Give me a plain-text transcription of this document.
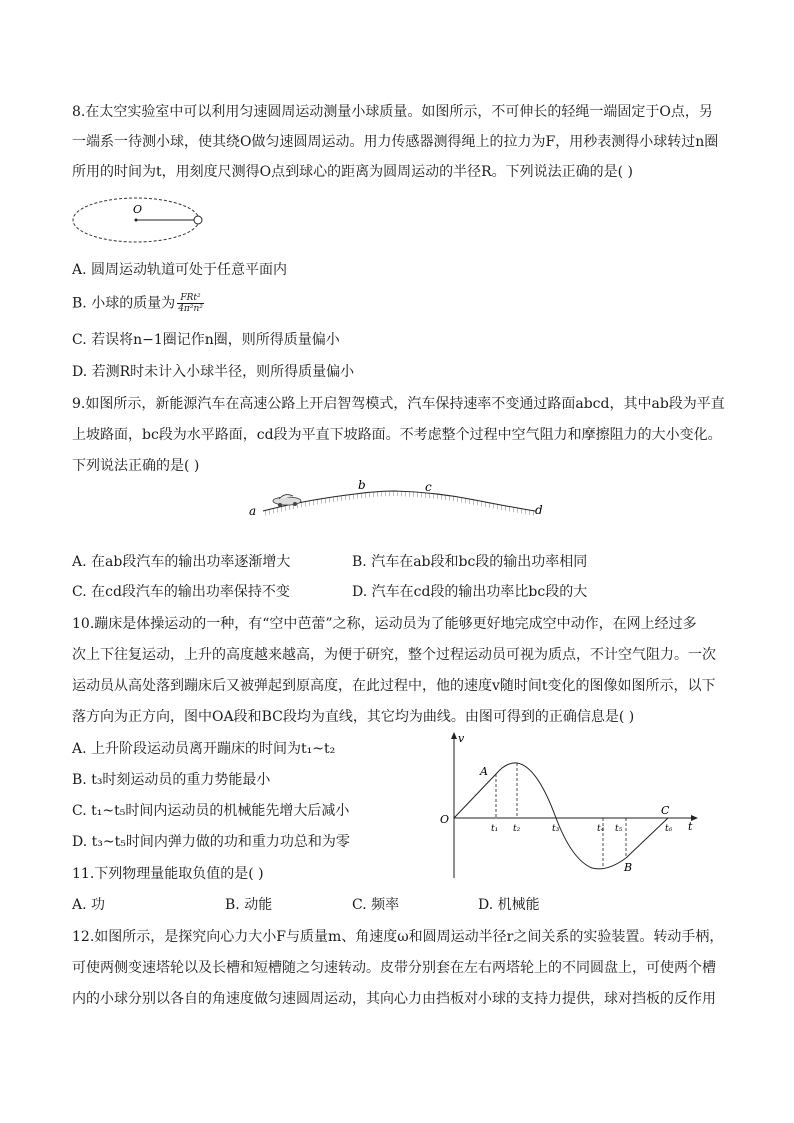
8.在太空实验室中可以利用匀速圆周运动测量小球质量。如图所示，不可伸长的轻绳一端固定于O点，另
一端系一待测小球，使其绕O做匀速圆周运动。用力传感器测得绳上的拉力为F，用秒表测得小球转过n圈
所用的时间为t，用刻度尺测得O点到球心的距离为圆周运动的半径R。下列说法正确的是( )
O
A. 圆周运动轨道可处于任意平面内
B. 小球的质量为 $\frac{\text{FRt²}}{\text{4π²n²}}$
C. 若误将n−1圈记作n圈，则所得质量偏小
D. 若测R时未计入小球半径，则所得质量偏小
9.如图所示，新能源汽车在高速公路上开启智驾模式，汽车保持速率不变通过路面abcd，其中ab段为平直
上坡路面，bc段为水平路面，cd段为平直下坡路面。不考虑整个过程中空气阻力和摩擦阻力的大小变化。
下列说法正确的是( )
a
b	c
d
A. 在ab段汽车的输出功率逐渐增大	B. 汽车在ab段和bc段的输出功率相同
C. 在cd段汽车的输出功率保持不变	D. 汽车在cd段的输出功率比bc段的大
10.蹦床是体操运动的一种，有“空中芭蕾”之称，运动员为了能够更好地完成空中动作，在网上经过多
次上下往复运动，上升的高度越来越高，为便于研究，整个过程运动员可视为质点，不计空气阻力。一次
运动员从高处落到蹦床后又被弹起到原高度，在此过程中，他的速度v随时间t变化的图像如图所示，以下
落方向为正方向，图中OA段和BC段均为直线，其它均为曲线。由图可得到的正确信息是( )
A. 上升阶段运动员离开蹦床的时间为t₁~t₂
B. t₃时刻运动员的重力势能最小
C. t₁~t₅时间内运动员的机械能先增大后减小
D. t₃~t₅时间内弹力做的功和重力功总和为零
v
t
O
A
B
C
t₁ t₂	t₃	t₄ t₅	t₆
11.下列物理量能取负值的是( )
A. 功	B. 动能	C. 频率	D. 机械能
12.如图所示，是探究向心力大小F与质量m、角速度ω和圆周运动半径r之间关系的实验装置。转动手柄，
可使两侧变速塔轮以及长槽和短槽随之匀速转动。皮带分别套在左右两塔轮上的不同圆盘上，可使两个槽
内的小球分别以各自的角速度做匀速圆周运动，其向心力由挡板对小球的支持力提供，球对挡板的反作用
